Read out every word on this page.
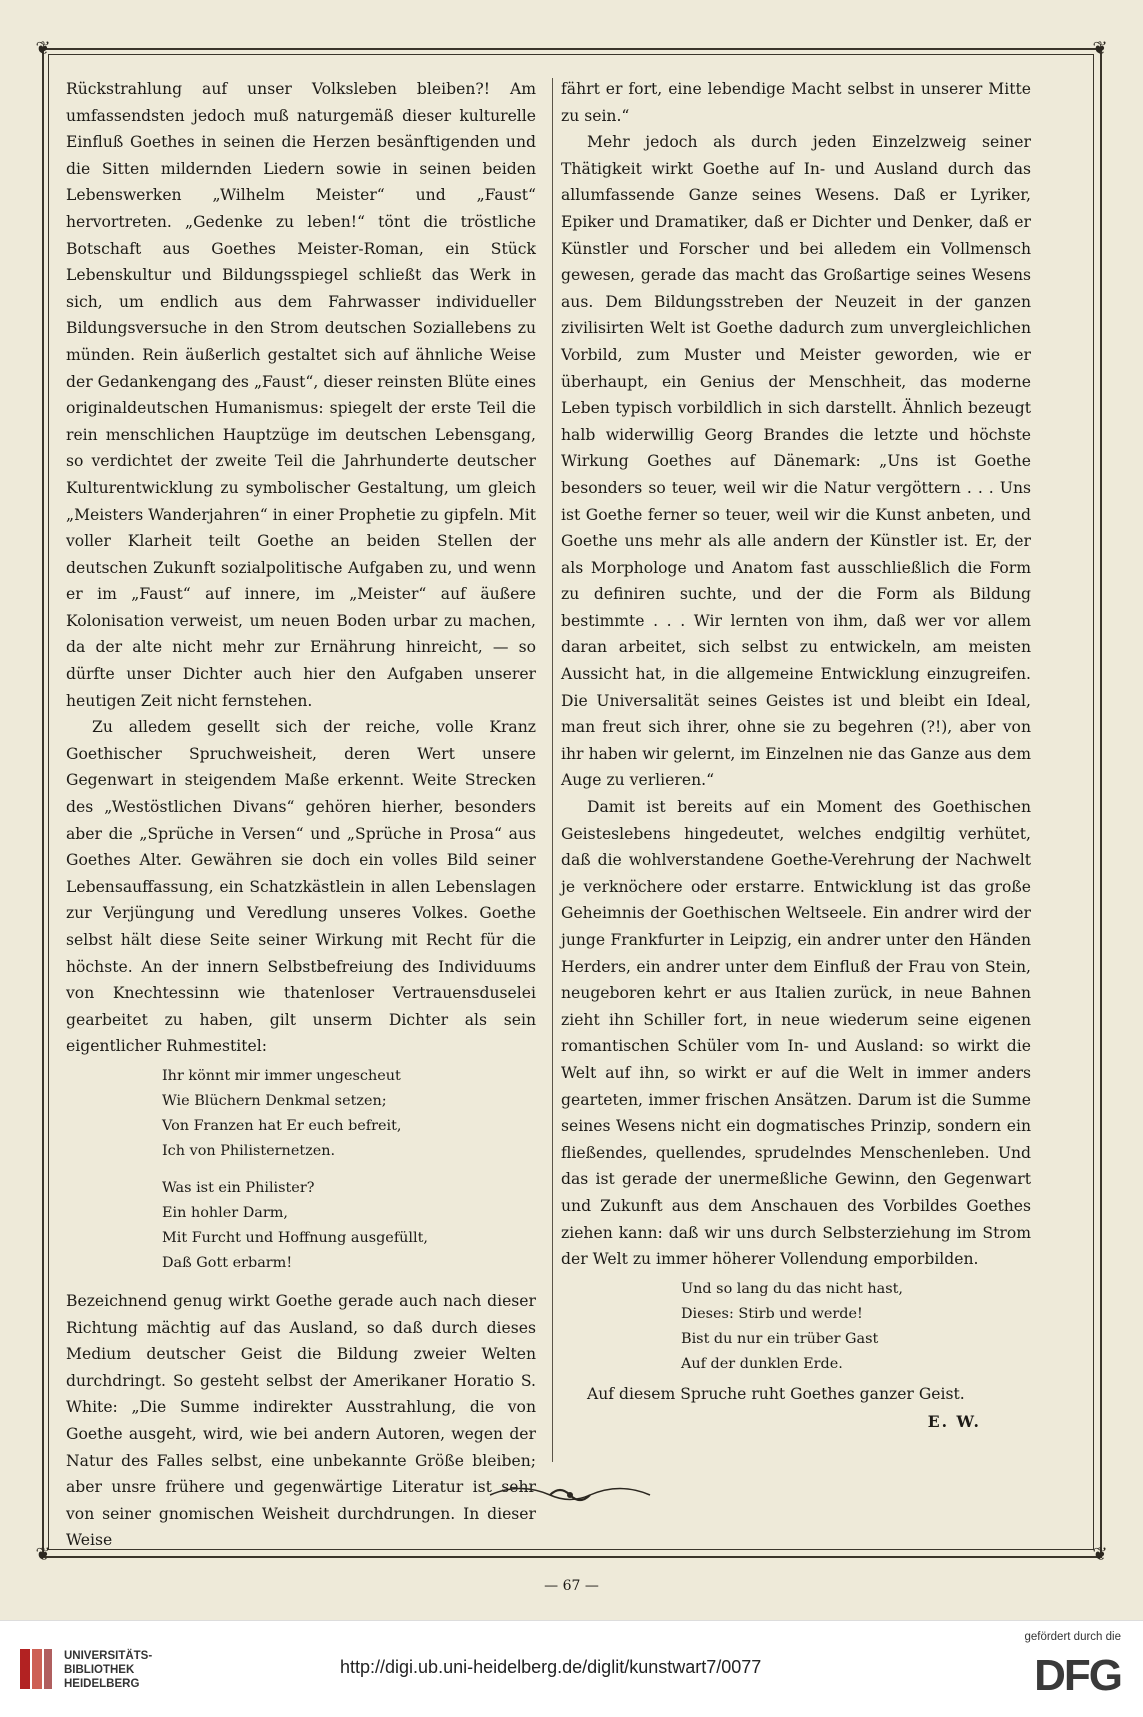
❦	❦
❦	❦

Rückstrahlung auf unser Volksleben bleiben?! Am umfassendsten jedoch muß naturgemäß dieser kulturelle Einfluß Goethes in seinen die Herzen besänftigenden und die Sitten mildernden Liedern sowie in seinen beiden Lebenswerken „Wilhelm Meister“ und „Faust“ hervortreten. „Gedenke zu leben!“ tönt die tröstliche Botschaft aus Goethes Meister-Roman, ein Stück Lebenskultur und Bildungsspiegel schließt das Werk in sich, um endlich aus dem Fahrwasser individueller Bildungsversuche in den Strom deutschen Soziallebens zu münden. Rein äußerlich gestaltet sich auf ähnliche Weise der Gedankengang des „Faust“, dieser reinsten Blüte eines originaldeutschen Humanismus: spiegelt der erste Teil die rein menschlichen Hauptzüge im deutschen Lebensgang, so verdichtet der zweite Teil die Jahrhunderte deutscher Kulturentwicklung zu symbolischer Gestaltung, um gleich „Meisters Wanderjahren“ in einer Prophetie zu gipfeln. Mit voller Klarheit teilt Goethe an beiden Stellen der deutschen Zukunft sozialpolitische Aufgaben zu, und wenn er im „Faust“ auf innere, im „Meister“ auf äußere Kolonisation verweist, um neuen Boden urbar zu machen, da der alte nicht mehr zur Ernährung hinreicht, — so dürfte unser Dichter auch hier den Aufgaben unserer heutigen Zeit nicht fernstehen.

Zu alledem gesellt sich der reiche, volle Kranz Goethischer Spruchweisheit, deren Wert unsere Gegenwart in steigendem Maße erkennt. Weite Strecken des „Westöstlichen Divans“ gehören hierher, besonders aber die „Sprüche in Versen“ und „Sprüche in Prosa“ aus Goethes Alter. Gewähren sie doch ein volles Bild seiner Lebensauffassung, ein Schatzkästlein in allen Lebenslagen zur Verjüngung und Veredlung unseres Volkes. Goethe selbst hält diese Seite seiner Wirkung mit Recht für die höchste. An der innern Selbstbefreiung des Individuums von Knechtessinn wie thatenloser Vertrauensduselei gearbeitet zu haben, gilt unserm Dichter als sein eigentlicher Ruhmestitel:

Ihr könnt mir immer ungescheut
Wie Blüchern Denkmal setzen;
Von Franzen hat Er euch befreit,
Ich von Philisternetzen.
Was ist ein Philister?
Ein hohler Darm,
Mit Furcht und Hoffnung ausgefüllt,
Daß Gott erbarm!

Bezeichnend genug wirkt Goethe gerade auch nach dieser Richtung mächtig auf das Ausland, so daß durch dieses Medium deutscher Geist die Bildung zweier Welten durchdringt. So gesteht selbst der Amerikaner Horatio S. White: „Die Summe indirekter Ausstrahlung, die von Goethe ausgeht, wird, wie bei andern Autoren, wegen der Natur des Falles selbst, eine unbekannte Größe bleiben; aber unsre frühere und gegenwärtige Literatur ist sehr von seiner gnomischen Weisheit durchdrungen. In dieser Weise

fährt er fort, eine lebendige Macht selbst in unserer Mitte zu sein.“

Mehr jedoch als durch jeden Einzelzweig seiner Thätigkeit wirkt Goethe auf In- und Ausland durch das allumfassende Ganze seines Wesens. Daß er Lyriker, Epiker und Dramatiker, daß er Dichter und Denker, daß er Künstler und Forscher und bei alledem ein Vollmensch gewesen, gerade das macht das Großartige seines Wesens aus. Dem Bildungsstreben der Neuzeit in der ganzen zivilisirten Welt ist Goethe dadurch zum unvergleichlichen Vorbild, zum Muster und Meister geworden, wie er überhaupt, ein Genius der Menschheit, das moderne Leben typisch vorbildlich in sich darstellt. Ähnlich bezeugt halb widerwillig Georg Brandes die letzte und höchste Wirkung Goethes auf Dänemark: „Uns ist Goethe besonders so teuer, weil wir die Natur vergöttern . . . Uns ist Goethe ferner so teuer, weil wir die Kunst anbeten, und Goethe uns mehr als alle andern der Künstler ist. Er, der als Morphologe und Anatom fast ausschließlich die Form zu definiren suchte, und der die Form als Bildung bestimmte . . . Wir lernten von ihm, daß wer vor allem daran arbeitet, sich selbst zu entwickeln, am meisten Aussicht hat, in die allgemeine Entwicklung einzugreifen. Die Universalität seines Geistes ist und bleibt ein Ideal, man freut sich ihrer, ohne sie zu begehren (?!), aber von ihr haben wir gelernt, im Einzelnen nie das Ganze aus dem Auge zu verlieren.“

Damit ist bereits auf ein Moment des Goethischen Geisteslebens hingedeutet, welches endgiltig verhütet, daß die wohlverstandene Goethe-Verehrung der Nachwelt je verknöchere oder erstarre. Entwicklung ist das große Geheimnis der Goethischen Weltseele. Ein andrer wird der junge Frankfurter in Leipzig, ein andrer unter den Händen Herders, ein andrer unter dem Einfluß der Frau von Stein, neugeboren kehrt er aus Italien zurück, in neue Bahnen zieht ihn Schiller fort, in neue wiederum seine eigenen romantischen Schüler vom In- und Ausland: so wirkt die Welt auf ihn, so wirkt er auf die Welt in immer anders gearteten, immer frischen Ansätzen. Darum ist die Summe seines Wesens nicht ein dogmatisches Prinzip, sondern ein fließendes, quellendes, sprudelndes Menschenleben. Und das ist gerade der unermeßliche Gewinn, den Gegenwart und Zukunft aus dem Anschauen des Vorbildes Goethes ziehen kann: daß wir uns durch Selbsterziehung im Strom der Welt zu immer höherer Vollendung emporbilden.

Und so lang du das nicht hast,
Dieses: Stirb und werde!
Bist du nur ein trüber Gast
Auf der dunklen Erde.

Auf diesem Spruche ruht Goethes ganzer Geist.

E. W.
— 67 —
UNIVERSITÄTS-
BIBLIOTHEK
HEIDELBERG
http://digi.ub.uni-heidelberg.de/diglit/kunstwart7/0077
gefördert durch die
DFG
